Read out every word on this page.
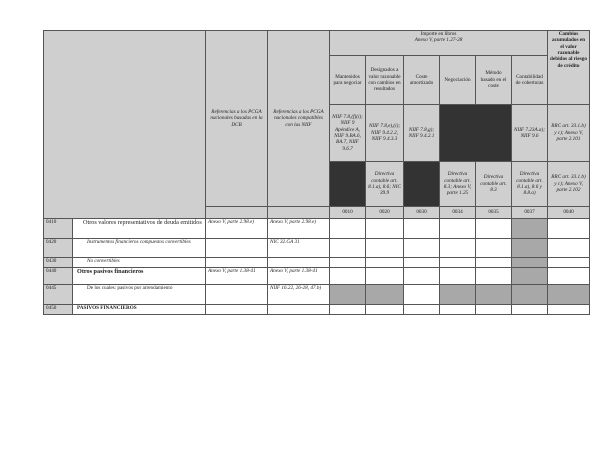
		Referencias a los PCGA nacionales basadas en la DCB	Referencias a los PCGA nacionales compatibles con las NIIF	Importe en libros
Anexo V, parte 1.27-28						Cambios acumulados en el valor razonable debidos al riesgo de crédito
				Mantenidos para negociar	Designados a valor razonable con cambios en resultados	Coste amortizado	Negociación	Método basado en el coste	Contabilidad de coberturas	
				NIIF 7.8,(f)(i); NIIF 9 Apéndice A, NIIF 9.BA.6, BA.7, NIIF 9.6.7	NIIF 7.8,e),(i); NIIF 9.4.2.2, NIIF 9.4.3.3	NIIF 7.8,g); NIIF 9.4.2.1			NIIF 7.23A.a); NIIF 9.6	RRC art. 33.1.b) y c); Anexo V, parte 2.101
					Directiva contable art. 8.1.a), 8.6; NIC 39.9		Directiva contable art. 8.3; Anexo V, parte 1.25	Directiva contable art. 8.3	Directiva contable art. 8.1.a), 8.6 y 8.8.a)	RRC art. 33.1.b) y c); Anexo V, parte 2.102
				0010	0020	0030	0034	0035	0037	0040
0410	Otros valores representativos de deuda emitidos	Anexo V, parte 2.98.e)	Anexo V, parte 2.98.e)							
0420	Instrumentos financieros compuestos convertibles		NIC 32.GA 31							
0430	No convertibles									
0440	Otros pasivos financieros	Anexo V, parte 1.38-41	Anexo V, parte 1.38-41							
0445	De los cuales: pasivos por arrendamiento		NIIF 16.22, 26-28, 47.b)							
0450	PASIVOS FINANCIEROS									
